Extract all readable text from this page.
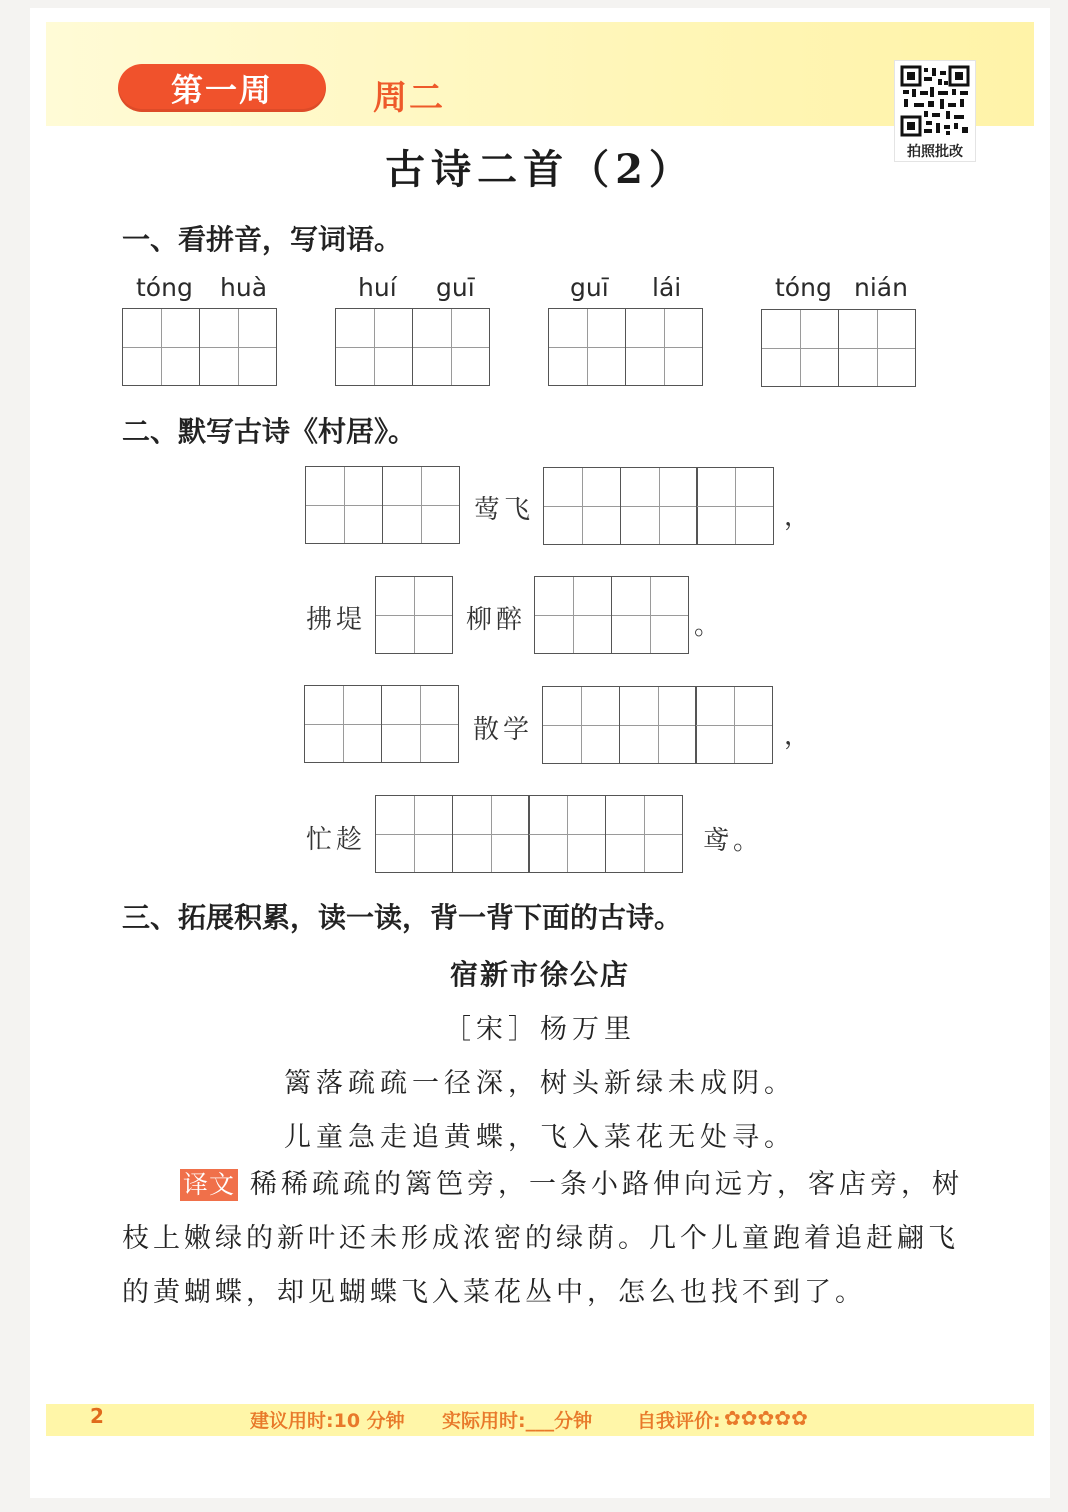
第一周	周二
拍照批改
古诗二首（2）
一、看拼音，写词语。
tóng huà	huí guī	guī lái	tóng nián
二、默写古诗《村居》。
莺飞	，
拂堤	柳醉	。
散学	，
忙趁	鸢。
三、拓展积累，读一读，背一背下面的古诗。
宿新市徐公店
［宋］杨万里
篱落疏疏一径深，树头新绿未成阴。
儿童急走追黄蝶，飞入菜花无处寻。
译文 稀稀疏疏的篱笆旁，一条小路伸向远方，客店旁，树枝上嫩绿的新叶还未形成浓密的绿荫。几个儿童跑着追赶翩飞的黄蝴蝶，却见蝴蝶飞入菜花丛中，怎么也找不到了。
2	建议用时:10 分钟 实际用时:___分钟 自我评价: ✿ ✿ ✿ ✿ ✿
